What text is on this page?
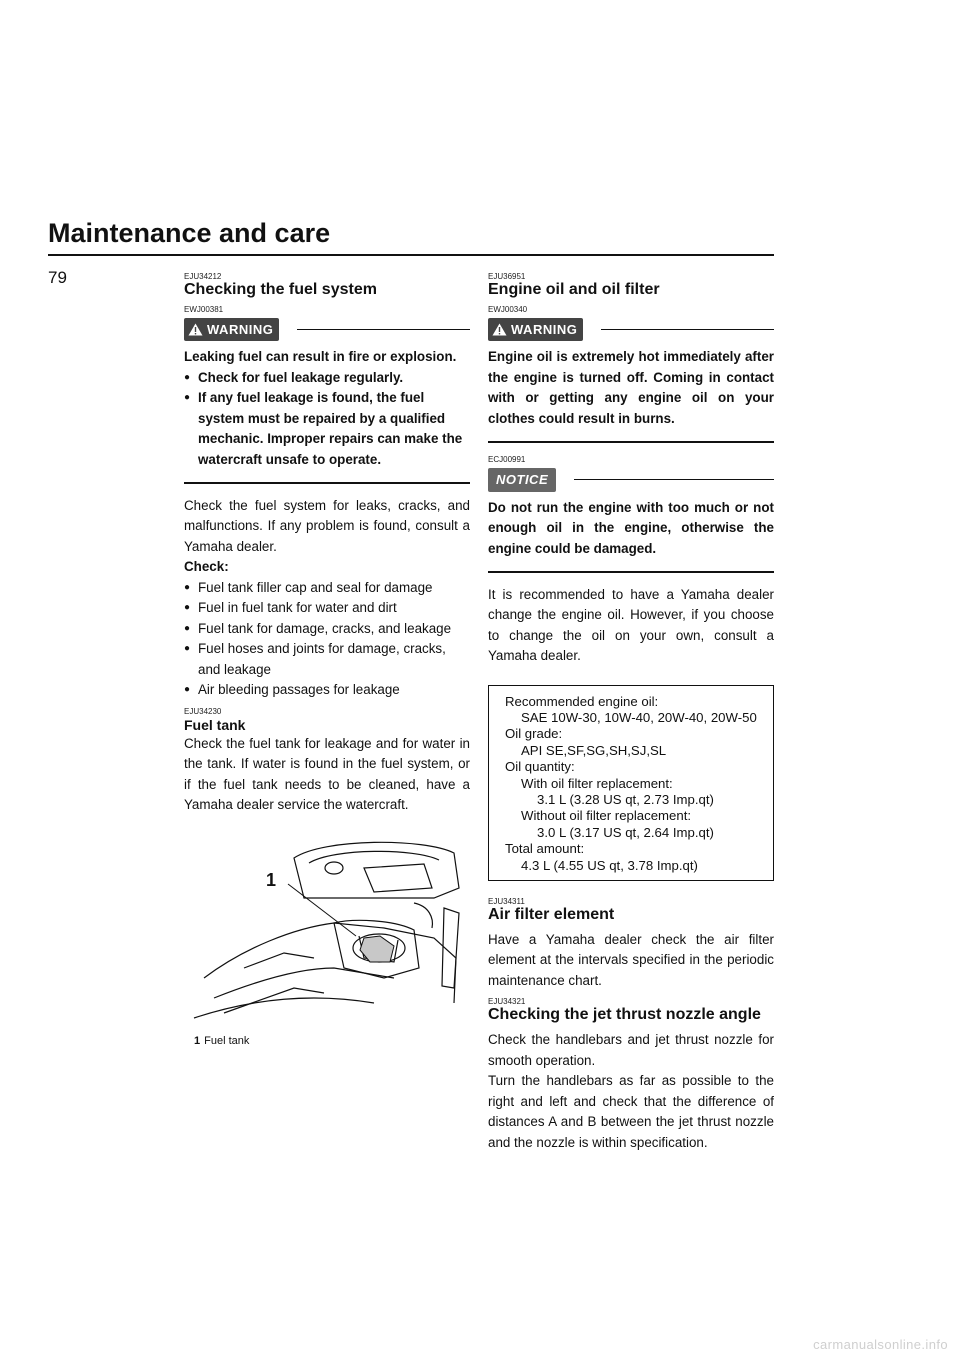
Maintenance and care
79	EJU34212

Checking the fuel system

EWJ00381

WARNING

Leaking fuel can result in fire or explosion.

● Check for fuel leakage regularly.
● If any fuel leakage is found, the fuel system must be repaired by a qualified mechanic. Improper repairs can make the watercraft unsafe to operate.

Check the fuel system for leaks, cracks, and malfunctions. If any problem is found, consult a Yamaha dealer.

Check:

● Fuel tank filler cap and seal for damage
● Fuel in fuel tank for water and dirt
● Fuel tank for damage, cracks, and leakage
● Fuel hoses and joints for damage, cracks, and leakage
● Air bleeding passages for leakage

EJU34230

Fuel tank

Check the fuel tank for leakage and for water in the tank. If water is found in the fuel system, or if the fuel tank needs to be cleaned, have a Yamaha dealer service the watercraft.

1
1 Fuel tank

EJU36951

Engine oil and oil filter

EWJ00340

WARNING

Engine oil is extremely hot immediately after the engine is turned off. Coming in contact with or getting any engine oil on your clothes could result in burns.

ECJ00991

NOTICE

Do not run the engine with too much or not enough oil in the engine, otherwise the engine could be damaged.

It is recommended to have a Yamaha dealer change the engine oil. However, if you choose to change the oil on your own, consult a Yamaha dealer.

Recommended engine oil:
SAE 10W-30, 10W-40, 20W-40, 20W-50
Oil grade:
API SE,SF,SG,SH,SJ,SL
Oil quantity:
With oil filter replacement:
3.1 L (3.28 US qt, 2.73 Imp.qt)
Without oil filter replacement:
3.0 L (3.17 US qt, 2.64 Imp.qt)
Total amount:
4.3 L (4.55 US qt, 3.78 Imp.qt)

EJU34311

Air filter element

Have a Yamaha dealer check the air filter element at the intervals specified in the periodic maintenance chart.

EJU34321

Checking the jet thrust nozzle angle

Check the handlebars and jet thrust nozzle for smooth operation.

Turn the handlebars as far as possible to the right and left and check that the difference of distances A and B between the jet thrust nozzle and the nozzle is within specification.

carmanualsonline.info
